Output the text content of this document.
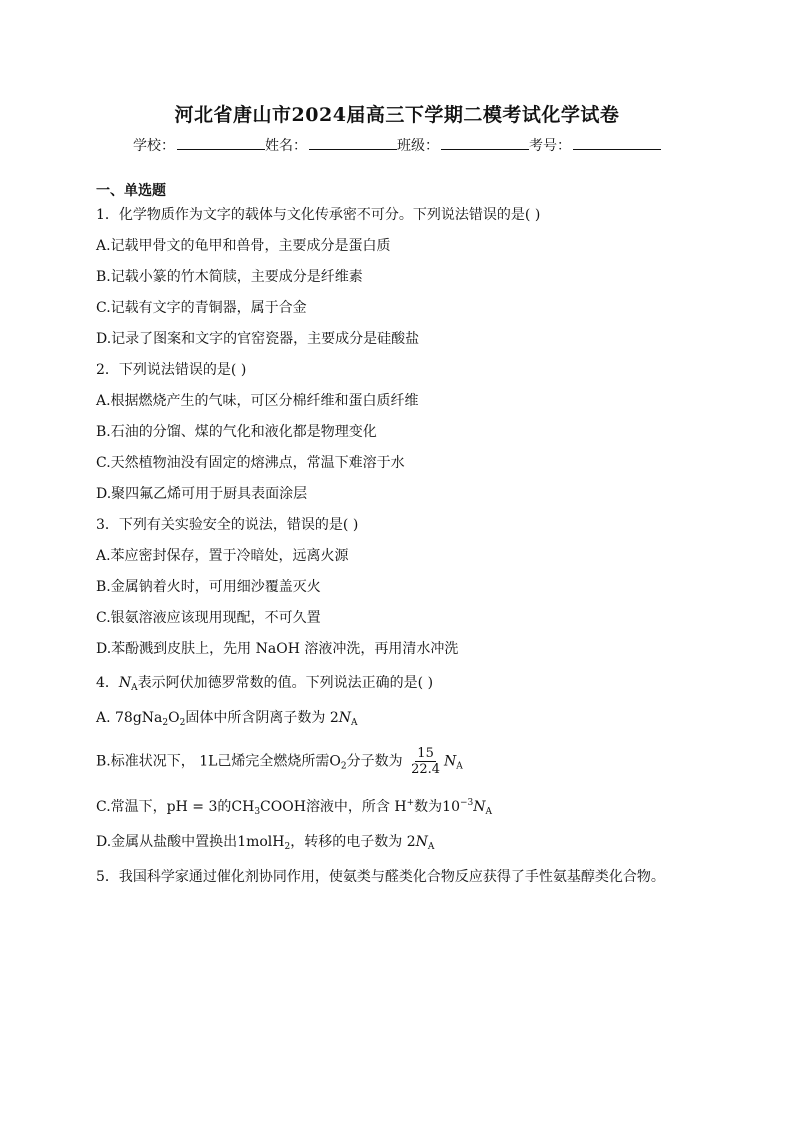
河北省唐山市2024届高三下学期二模考试化学试卷
学校：	姓名：	班级：	考号：
一、单选题
1．化学物质作为文字的载体与文化传承密不可分。下列说法错误的是( )
A.记载甲骨文的龟甲和兽骨，主要成分是蛋白质
B.记载小篆的竹木简牍，主要成分是纤维素
C.记载有文字的青铜器，属于合金
D.记录了图案和文字的官窑瓷器，主要成分是硅酸盐
2．下列说法错误的是( )
A.根据燃烧产生的气味，可区分棉纤维和蛋白质纤维
B.石油的分馏、煤的气化和液化都是物理变化
C.天然植物油没有固定的熔沸点，常温下难溶于水
D.聚四氟乙烯可用于厨具表面涂层
3．下列有关实验安全的说法，错误的是( )
A.苯应密封保存，置于冷暗处，远离火源
B.金属钠着火时，可用细沙覆盖灭火
C.银氨溶液应该现用现配，不可久置
D.苯酚溅到皮肤上，先用 NaOH 溶液冲洗，再用清水冲洗
4．$N_A$表示阿伏加德罗常数的值。下列说法正确的是( )
A. $78gNa_2O_2$固体中所含阴离子数为 $2N_A$
B.标准状况下， 1L己烯完全燃烧所需$O_2$分子数为 $\frac{15}{22.4} N_A$
C.常温下，pH = 3的$CH_3COOH$溶液中，所含 H+数为$10^{-3}N_A$
D.金属从盐酸中置换出1molH$_2$，转移的电子数为 $2N_A$
5．我国科学家通过催化剂协同作用，使氨类与醛类化合物反应获得了手性氨基醇类化合物。
